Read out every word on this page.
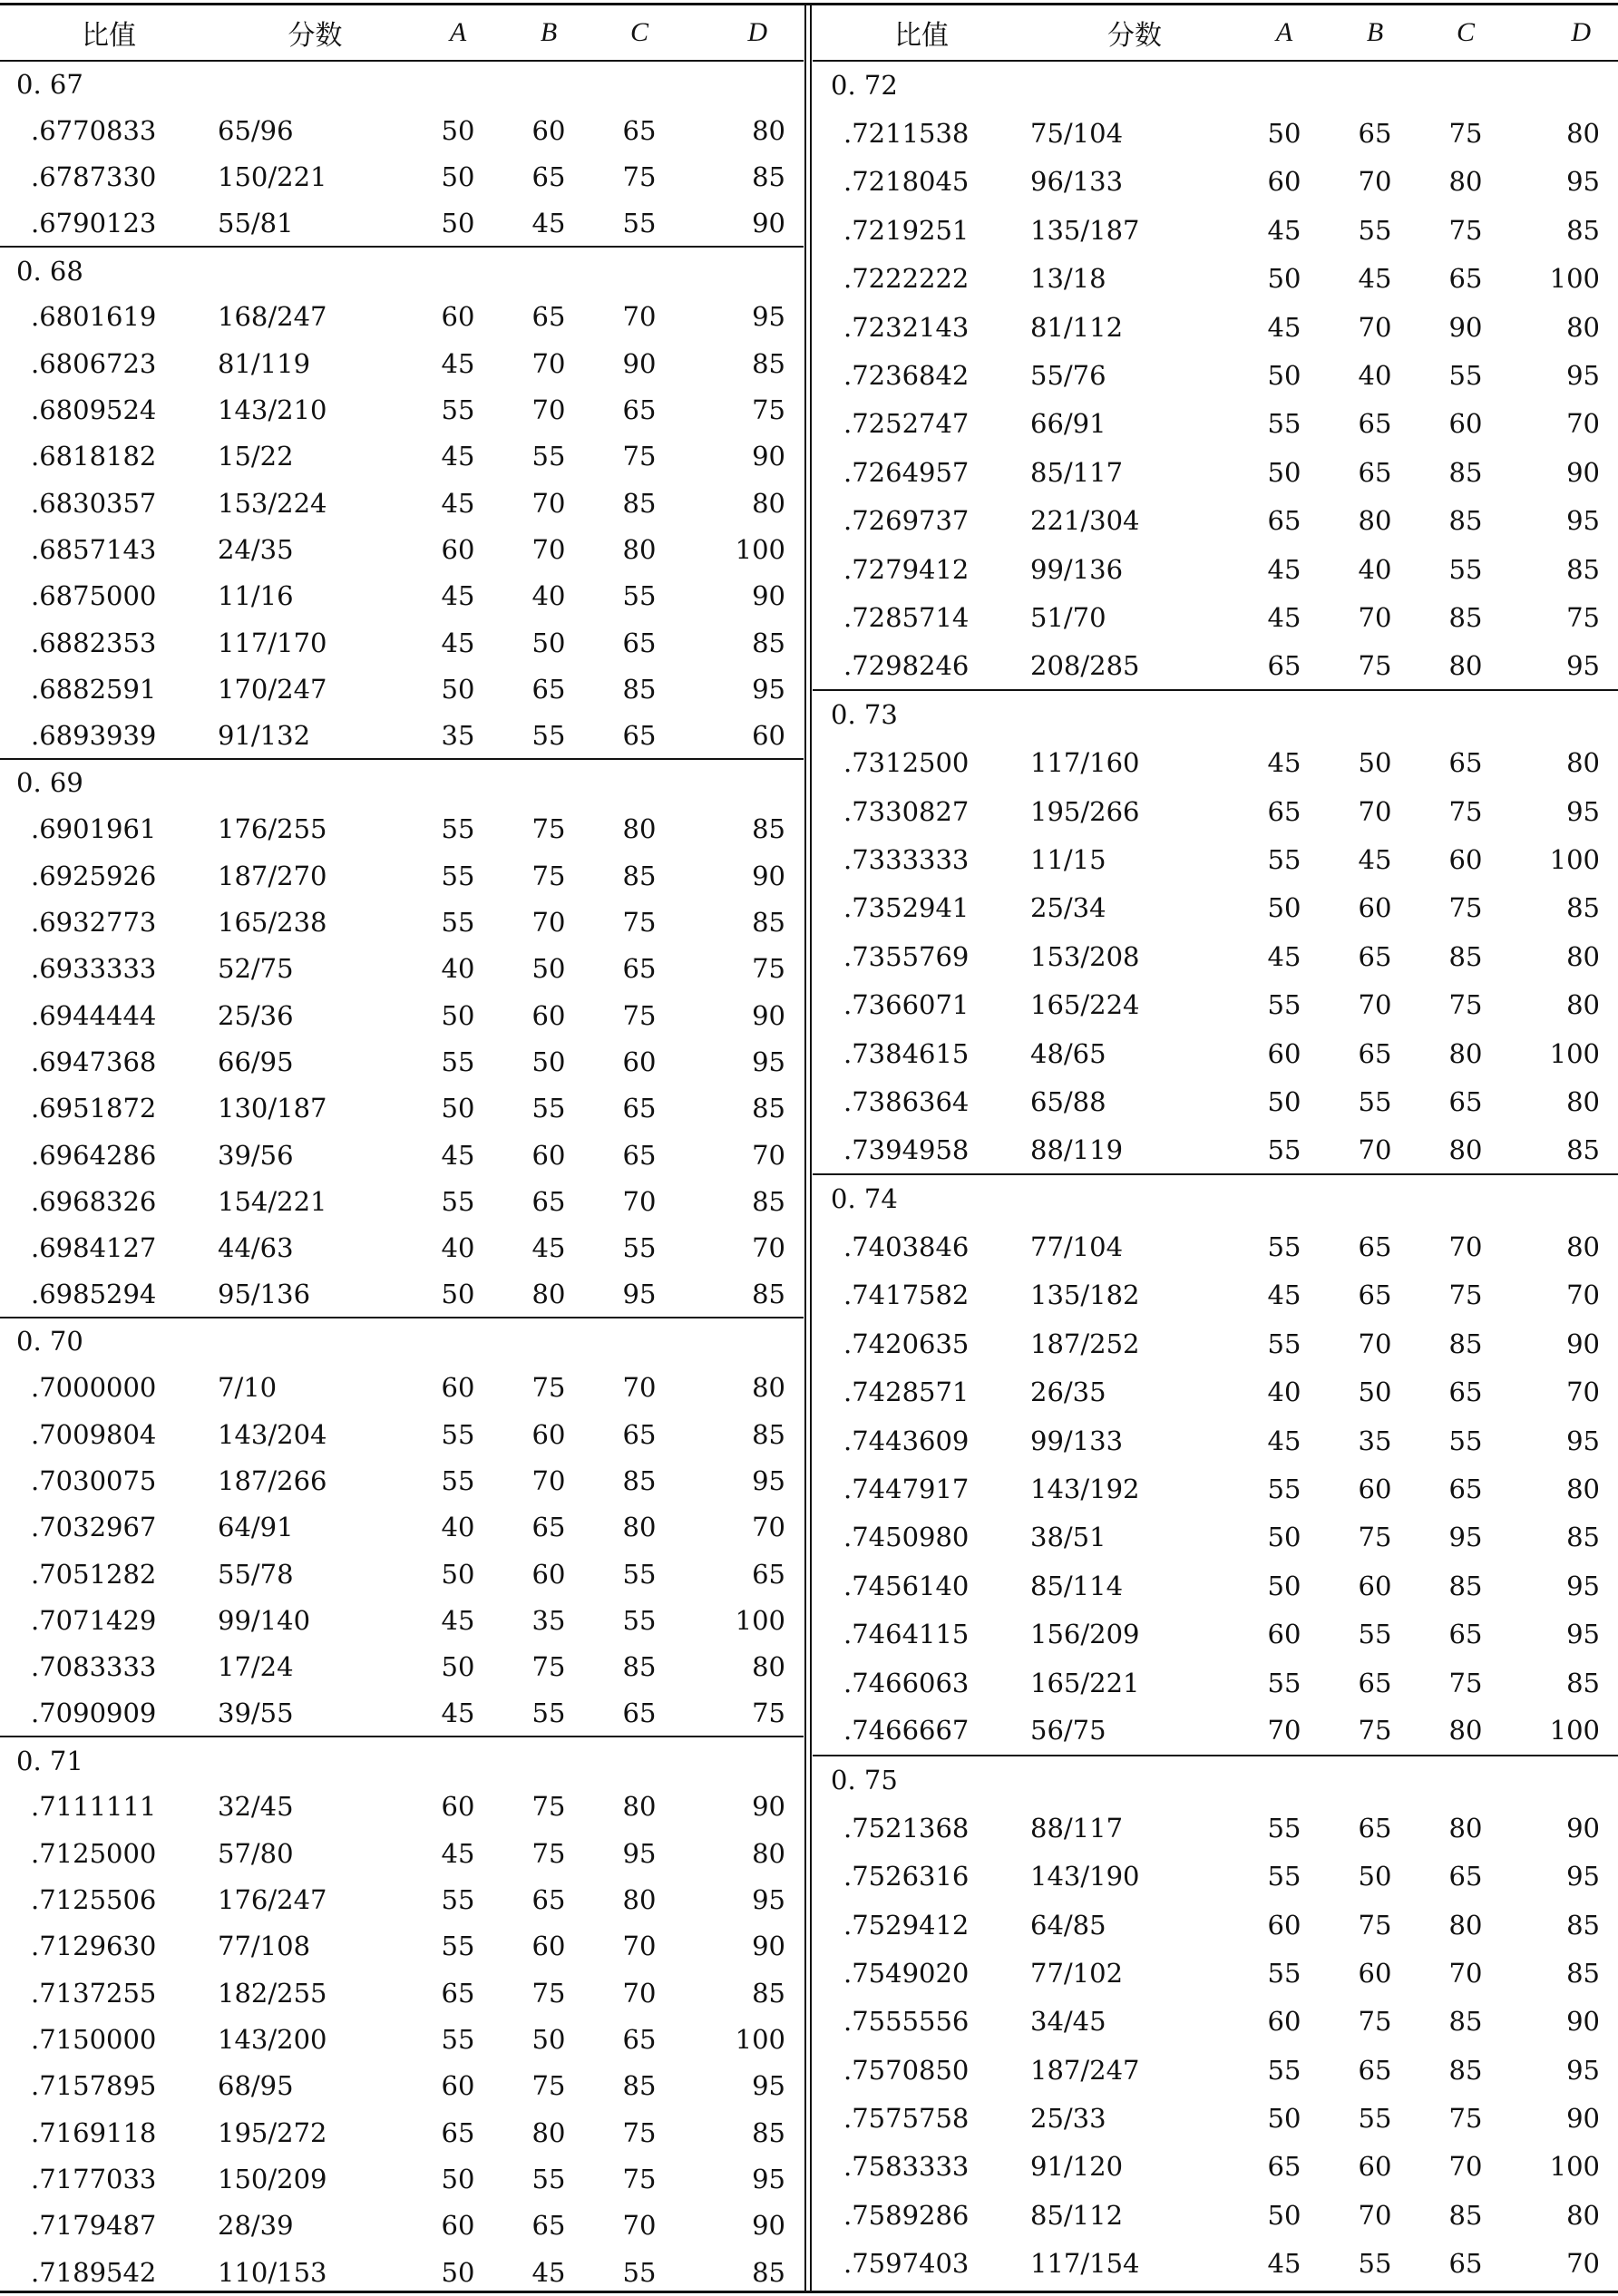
比值	分数	A	B	C	D
0. 67					
.6770833	65/96	50	60	65	80
.6787330	150/221	50	65	75	85
.6790123	55/81	50	45	55	90
0. 68					
.6801619	168/247	60	65	70	95
.6806723	81/119	45	70	90	85
.6809524	143/210	55	70	65	75
.6818182	15/22	45	55	75	90
.6830357	153/224	45	70	85	80
.6857143	24/35	60	70	80	100
.6875000	11/16	45	40	55	90
.6882353	117/170	45	50	65	85
.6882591	170/247	50	65	85	95
.6893939	91/132	35	55	65	60
0. 69					
.6901961	176/255	55	75	80	85
.6925926	187/270	55	75	85	90
.6932773	165/238	55	70	75	85
.6933333	52/75	40	50	65	75
.6944444	25/36	50	60	75	90
.6947368	66/95	55	50	60	95
.6951872	130/187	50	55	65	85
.6964286	39/56	45	60	65	70
.6968326	154/221	55	65	70	85
.6984127	44/63	40	45	55	70
.6985294	95/136	50	80	95	85
0. 70					
.7000000	7/10	60	75	70	80
.7009804	143/204	55	60	65	85
.7030075	187/266	55	70	85	95
.7032967	64/91	40	65	80	70
.7051282	55/78	50	60	55	65
.7071429	99/140	45	35	55	100
.7083333	17/24	50	75	85	80
.7090909	39/55	45	55	65	75
0. 71					
.7111111	32/45	60	75	80	90
.7125000	57/80	45	75	95	80
.7125506	176/247	55	65	80	95
.7129630	77/108	55	60	70	90
.7137255	182/255	65	75	70	85
.7150000	143/200	55	50	65	100
.7157895	68/95	60	75	85	95
.7169118	195/272	65	80	75	85
.7177033	150/209	50	55	75	95
.7179487	28/39	60	65	70	90
.7189542	110/153	50	45	55	85
比值	分数	A	B	C	D
0. 72					
.7211538	75/104	50	65	75	80
.7218045	96/133	60	70	80	95
.7219251	135/187	45	55	75	85
.7222222	13/18	50	45	65	100
.7232143	81/112	45	70	90	80
.7236842	55/76	50	40	55	95
.7252747	66/91	55	65	60	70
.7264957	85/117	50	65	85	90
.7269737	221/304	65	80	85	95
.7279412	99/136	45	40	55	85
.7285714	51/70	45	70	85	75
.7298246	208/285	65	75	80	95
0. 73					
.7312500	117/160	45	50	65	80
.7330827	195/266	65	70	75	95
.7333333	11/15	55	45	60	100
.7352941	25/34	50	60	75	85
.7355769	153/208	45	65	85	80
.7366071	165/224	55	70	75	80
.7384615	48/65	60	65	80	100
.7386364	65/88	50	55	65	80
.7394958	88/119	55	70	80	85
0. 74					
.7403846	77/104	55	65	70	80
.7417582	135/182	45	65	75	70
.7420635	187/252	55	70	85	90
.7428571	26/35	40	50	65	70
.7443609	99/133	45	35	55	95
.7447917	143/192	55	60	65	80
.7450980	38/51	50	75	95	85
.7456140	85/114	50	60	85	95
.7464115	156/209	60	55	65	95
.7466063	165/221	55	65	75	85
.7466667	56/75	70	75	80	100
0. 75					
.7521368	88/117	55	65	80	90
.7526316	143/190	55	50	65	95
.7529412	64/85	60	75	80	85
.7549020	77/102	55	60	70	85
.7555556	34/45	60	75	85	90
.7570850	187/247	55	65	85	95
.7575758	25/33	50	55	75	90
.7583333	91/120	65	60	70	100
.7589286	85/112	50	70	85	80
.7597403	117/154	45	55	65	70
